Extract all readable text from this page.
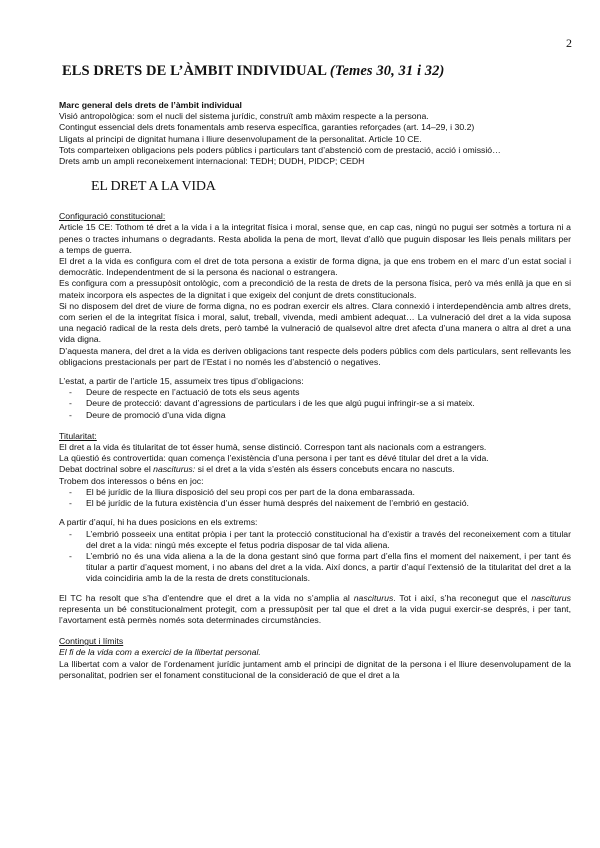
2
ELS DRETS DE L’ÀMBIT INDIVIDUAL (Temes 30, 31 i 32)

Marc general dels drets de l’àmbit individual

Visió antropològica: som el nucli del sistema jurídic, construït amb màxim respecte a la persona.

Contingut essencial dels drets fonamentals amb reserva específica, garanties reforçades (art. 14–29, i 30.2)

Lligats al principi de dignitat humana i lliure desenvolupament de la personalitat. Article 10 CE.

Tots comparteixen obligacions pels poders públics i particulars tant d’abstenció com de prestació, acció i omissió…

Drets amb un ampli reconeixement internacional: TEDH; DUDH, PIDCP; CEDH

EL DRET A LA VIDA

Configuració constitucional:

Article 15 CE: Tothom té dret a la vida i a la integritat física i moral, sense que, en cap cas, ningú no pugui ser sotmès a tortura ni a penes o tractes inhumans o degradants. Resta abolida la pena de mort, llevat d’allò que puguin disposar les lleis penals militars per a temps de guerra.

El dret a la vida es configura com el dret de tota persona a existir de forma digna, ja que ens trobem en el marc d’un estat social i democràtic. Independentment de si la persona és nacional o estrangera.

Es configura com a pressupòsit ontològic, com a precondició de la resta de drets de la persona física, però va més enllà ja que en si mateix incorpora els aspectes de la dignitat i que exigeix del conjunt de drets constitucionals.

Si no disposem del dret de viure de forma digna, no es podran exercir els altres. Clara connexió i interdependència amb altres drets, com serien el de la integritat física i moral, salut, treball, vivenda, medi ambient adequat… La vulneració del dret a la vida suposa una negació radical de la resta dels drets, però també la vulneració de qualsevol altre dret afecta d’una manera o altra al dret a una vida digna.

D’aquesta manera, del dret a la vida es deriven obligacions tant respecte dels poders públics com dels particulars, sent rellevants les obligacions prestacionals per part de l’Estat i no només les d’abstenció o negatives.

L’estat, a partir de l’article 15, assumeix tres tipus d’obligacions:

- Deure de respecte en l’actuació de tots els seus agents
- Deure de protecció: davant d’agressions de particulars i de les que algú pugui infringir-se a si mateix.
- Deure de promoció d’una vida digna

Titularitat:

El dret a la vida és titularitat de tot ésser humà, sense distinció. Correspon tant als nacionals com a estrangers.

La qüestió és controvertida: quan comença l’existència d’una persona i per tant es dévé titular del dret a la vida.

Debat doctrinal sobre el nasciturus: si el dret a la vida s’estén als éssers concebuts encara no nascuts.

Trobem dos interessos o béns en joc:

- El bé jurídic de la lliura disposició del seu propi cos per part de la dona embarassada.
- El bé jurídic de la futura existència d’un ésser humà després del naixement de l’embrió en gestació.

A partir d’aquí, hi ha dues posicions en els extrems:

- L’embrió posseeix una entitat pròpia i per tant la protecció constitucional ha d’existir a través del reconeixement com a titular del dret a la vida: ningú més excepte el fetus podria disposar de tal vida aliena.
- L’embrió no és una vida aliena a la de la dona gestant sinó que forma part d’ella fins el moment del naixement, i per tant és titular a partir d’aquest moment, i no abans del dret a la vida. Així doncs, a partir d’aquí l’extensió de la titularitat del dret a la vida coincidiria amb la de la resta de drets constitucionals.

El TC ha resolt que s’ha d’entendre que el dret a la vida no s’amplia al nasciturus. Tot i així, s’ha reconegut que el nasciturus representa un bé constitucionalment protegit, com a pressupòsit per tal que el dret a la vida pugui exercir-se després, i per tant, l’avortament està permès només sota determinades circumstàncies.

Contingut i límits

El fi de la vida com a exercici de la llibertat personal.

La llibertat com a valor de l’ordenament jurídic juntament amb el principi de dignitat de la persona i el lliure desenvolupament de la personalitat, podrien ser el fonament constitucional de la consideració de que el dret a la
